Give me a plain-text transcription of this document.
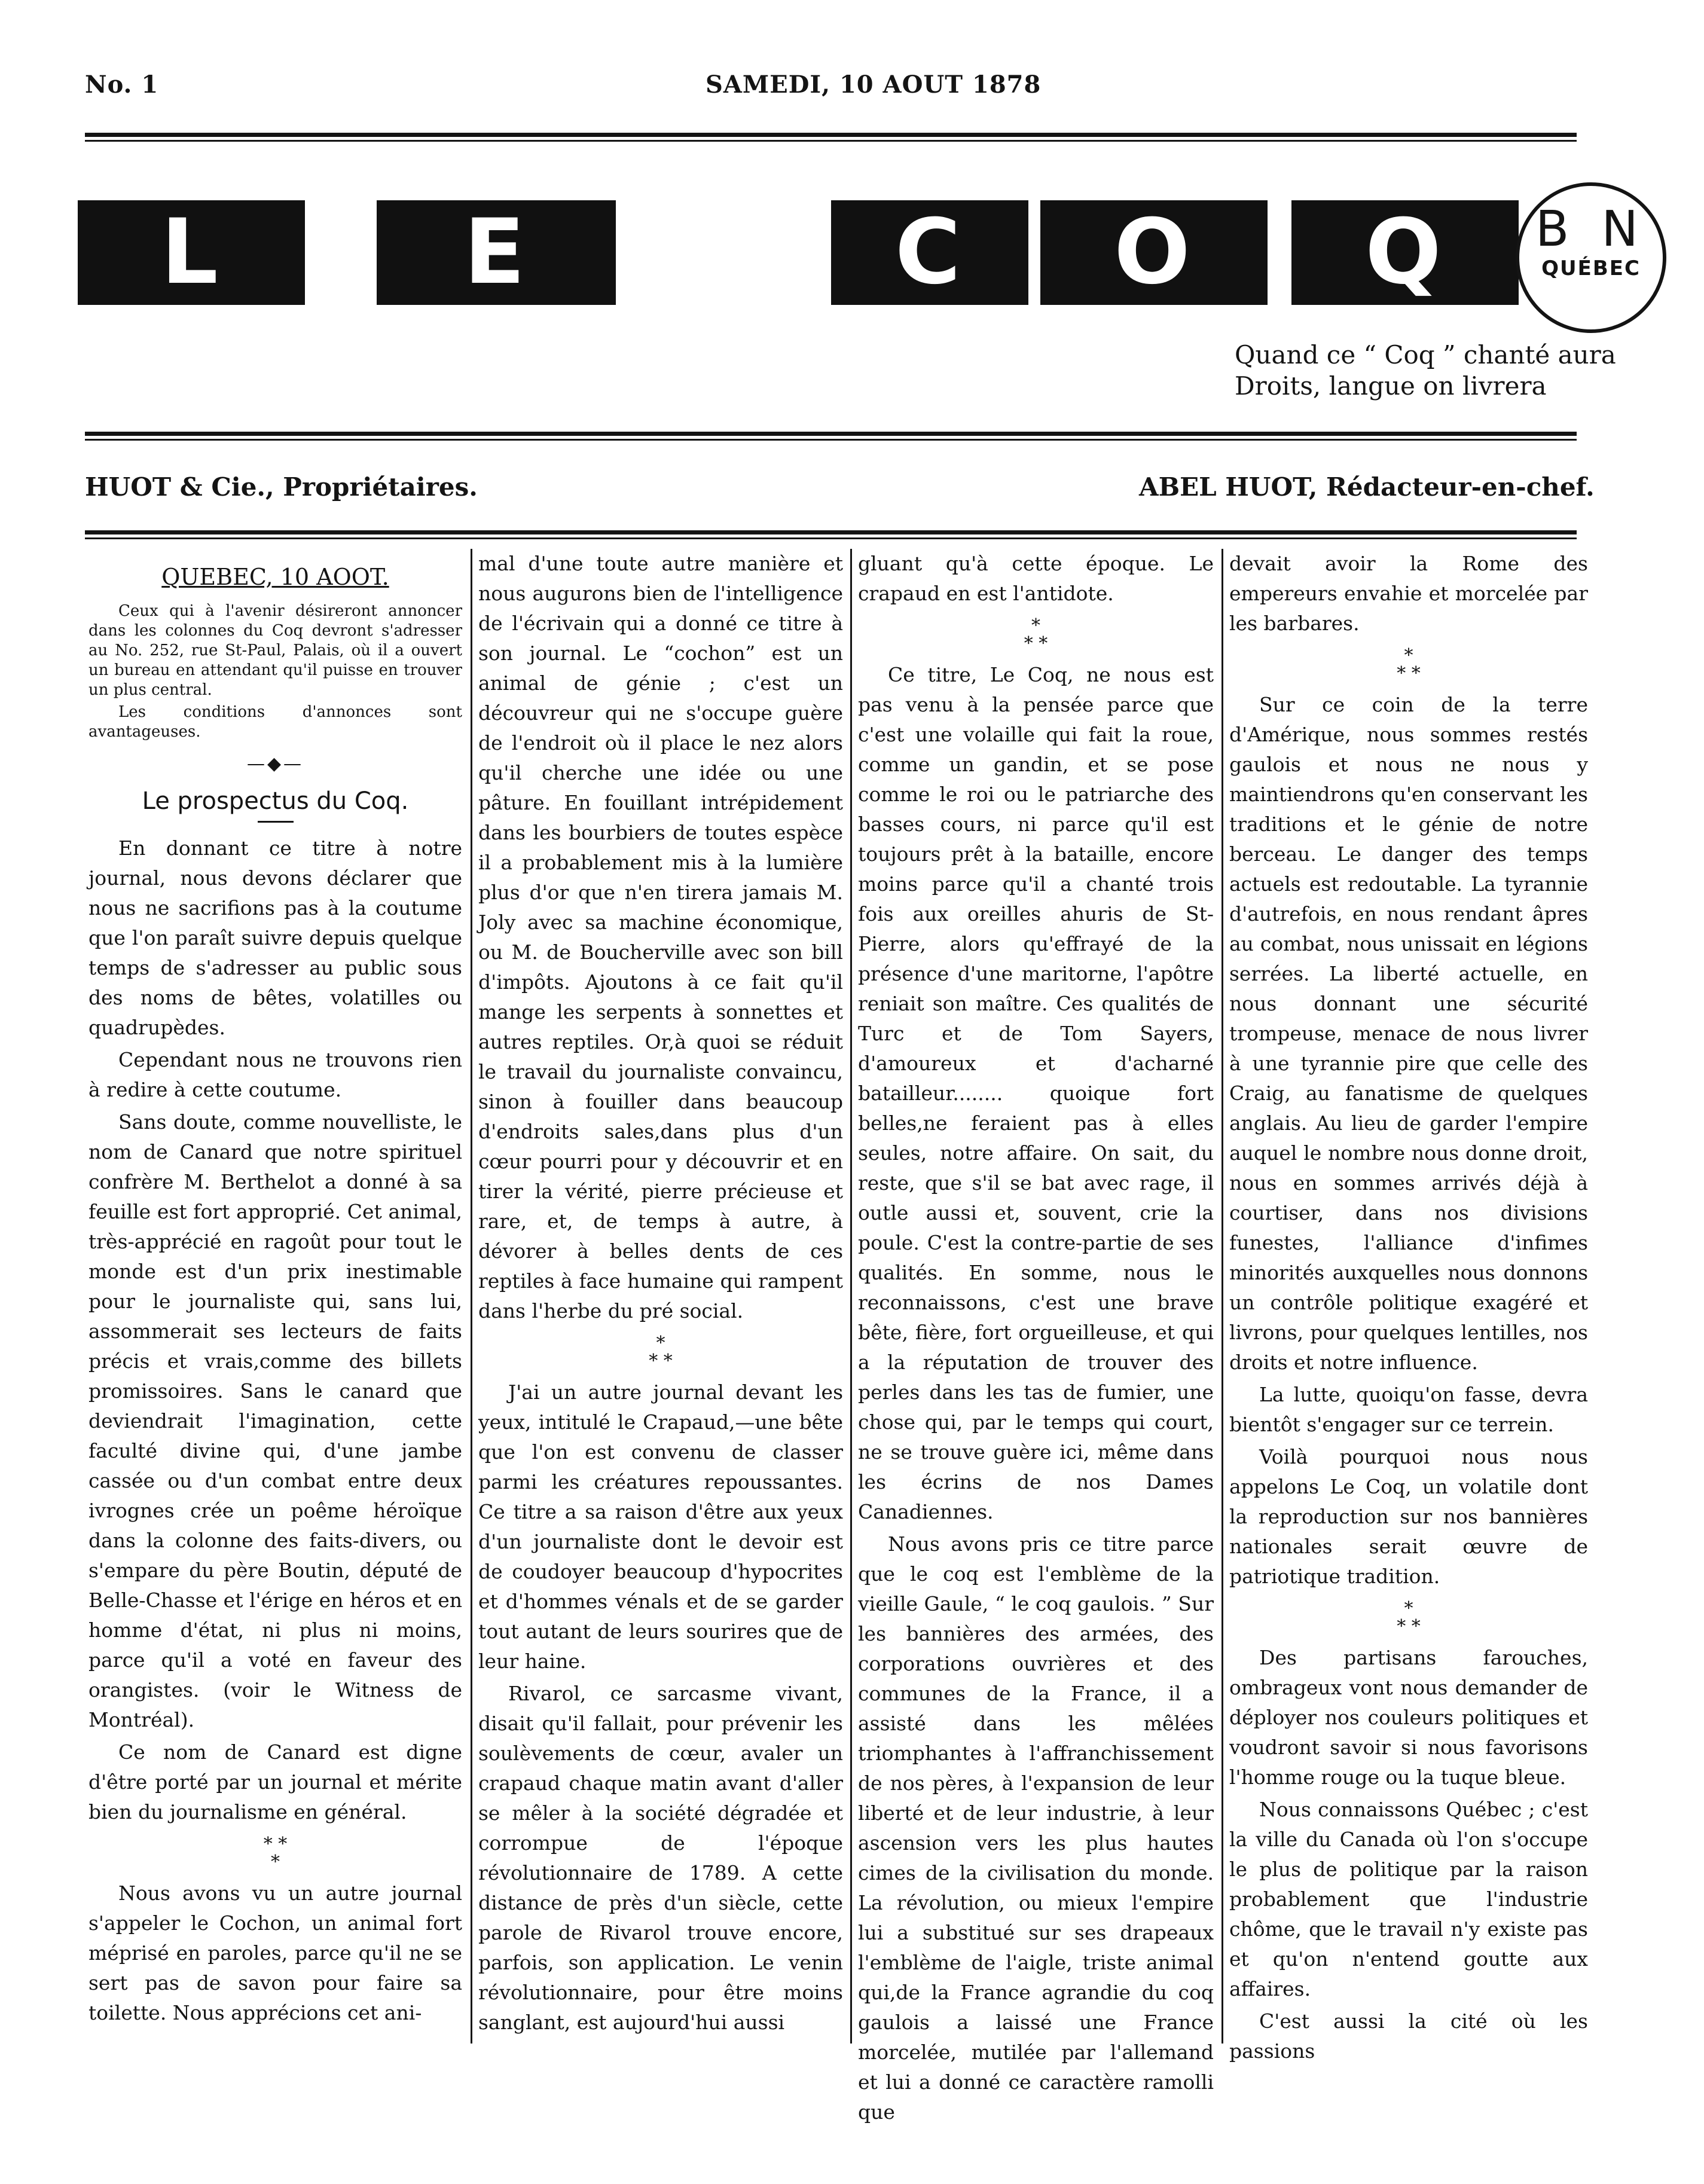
No. 1	SAMEDI, 10 AOUT 1878
L	E	C	O	Q	B N
QUÉBEC
Quand ce “ Coq ” chanté aura
Droits, langue on livrera
HUOT & Cie., Propriétaires.	ABEL HUOT, Rédacteur-en-chef.
QUEBEC, 10 AOOT.

Ceux qui à l'avenir désireront annoncer dans les colonnes du Coq devront s'adresser au No. 252, rue St-Paul, Palais, où il a ouvert un bureau en attendant qu'il puisse en trouver un plus central.

Les conditions d'annonces sont avantageuses.

—◆—
Le prospectus du Coq.

En donnant ce titre à notre journal, nous devons déclarer que nous ne sacrifions pas à la coutume que l'on paraît suivre depuis quelque temps de s'adresser au public sous des noms de bêtes, volatilles ou quadrupèdes.

Cependant nous ne trouvons rien à redire à cette coutume.

Sans doute, comme nouvelliste, le nom de Canard que notre spirituel confrère M. Berthelot a donné à sa feuille est fort approprié. Cet animal, très-apprécié en ragoût pour tout le monde est d'un prix inestimable pour le journaliste qui, sans lui, assommerait ses lecteurs de faits précis et vrais,comme des billets promissoires. Sans le canard que deviendrait l'imagination, cette faculté divine qui, d'une jambe cassée ou d'un combat entre deux ivrognes crée un poême héroïque dans la colonne des faits-divers, ou s'empare du père Boutin, député de Belle-Chasse et l'érige en héros et en homme d'état, ni plus ni moins, parce qu'il a voté en faveur des orangistes. (voir le Witness de Montréal).

Ce nom de Canard est digne d'être porté par un journal et mérite bien du journalisme en général.

* *
*

Nous avons vu un autre journal s'appeler le Cochon, un animal fort méprisé en paroles, parce qu'il ne se sert pas de savon pour faire sa toilette. Nous apprécions cet ani-

mal d'une toute autre manière et nous augurons bien de l'intelligence de l'écrivain qui a donné ce titre à son journal. Le “cochon” est un animal de génie ; c'est un découvreur qui ne s'occupe guère de l'endroit où il place le nez alors qu'il cherche une idée ou une pâture. En fouillant intrépidement dans les bourbiers de toutes espèce il a probablement mis à la lumière plus d'or que n'en tirera jamais M. Joly avec sa machine économique, ou M. de Boucherville avec son bill d'impôts. Ajoutons à ce fait qu'il mange les serpents à sonnettes et autres reptiles. Or,à quoi se réduit le travail du journaliste convaincu, sinon à fouiller dans beaucoup d'endroits sales,dans plus d'un cœur pourri pour y découvrir et en tirer la vérité, pierre précieuse et rare, et, de temps à autre, à dévorer à belles dents de ces reptiles à face humaine qui rampent dans l'herbe du pré social.

*
* *

J'ai un autre journal devant les yeux, intitulé le Crapaud,—une bête que l'on est convenu de classer parmi les créatures repoussantes. Ce titre a sa raison d'être aux yeux d'un journaliste dont le devoir est de coudoyer beaucoup d'hypocrites et d'hommes vénals et de se garder tout autant de leurs sourires que de leur haine.

Rivarol, ce sarcasme vivant, disait qu'il fallait, pour prévenir les soulèvements de cœur, avaler un crapaud chaque matin avant d'aller se mêler à la société dégradée et corrompue de l'époque révolutionnaire de 1789. A cette distance de près d'un siècle, cette parole de Rivarol trouve encore, parfois, son application. Le venin révolutionnaire, pour être moins sanglant, est aujourd'hui aussi

gluant qu'à cette époque. Le crapaud en est l'antidote.

*
* *

Ce titre, Le Coq, ne nous est pas venu à la pensée parce que c'est une volaille qui fait la roue, comme un gandin, et se pose comme le roi ou le patriarche des basses cours, ni parce qu'il est toujours prêt à la bataille, encore moins parce qu'il a chanté trois fois aux oreilles ahuris de St-Pierre, alors qu'effrayé de la présence d'une maritorne, l'apôtre reniait son maître. Ces qualités de Turc et de Tom Sayers, d'amoureux et d'acharné batailleur........ quoique fort belles,ne feraient pas à elles seules, notre affaire. On sait, du reste, que s'il se bat avec rage, il outle aussi et, souvent, crie la poule. C'est la contre-partie de ses qualités. En somme, nous le reconnaissons, c'est une brave bête, fière, fort orgueilleuse, et qui a la réputation de trouver des perles dans les tas de fumier, une chose qui, par le temps qui court, ne se trouve guère ici, même dans les écrins de nos Dames Canadiennes.

Nous avons pris ce titre parce que le coq est l'emblème de la vieille Gaule, “ le coq gaulois. ” Sur les bannières des armées, des corporations ouvrières et des communes de la France, il a assisté dans les mêlées triomphantes à l'affranchissement de nos pères, à l'expansion de leur liberté et de leur industrie, à leur ascension vers les plus hautes cimes de la civilisation du monde. La révolution, ou mieux l'empire lui a substitué sur ses drapeaux l'emblème de l'aigle, triste animal qui,de la France agrandie du coq gaulois a laissé une France morcelée, mutilée par l'allemand et lui a donné ce caractère ramolli que

devait avoir la Rome des empereurs envahie et morcelée par les barbares.

*
* *

Sur ce coin de la terre d'Amérique, nous sommes restés gaulois et nous ne nous y maintiendrons qu'en conservant les traditions et le génie de notre berceau. Le danger des temps actuels est redoutable. La tyrannie d'autrefois, en nous rendant âpres au combat, nous unissait en légions serrées. La liberté actuelle, en nous donnant une sécurité trompeuse, menace de nous livrer à une tyrannie pire que celle des Craig, au fanatisme de quelques anglais. Au lieu de garder l'empire auquel le nombre nous donne droit, nous en sommes arrivés déjà à courtiser, dans nos divisions funestes, l'alliance d'infimes minorités auxquelles nous donnons un contrôle politique exagéré et livrons, pour quelques lentilles, nos droits et notre influence.

La lutte, quoiqu'on fasse, devra bientôt s'engager sur ce terrein.

Voilà pourquoi nous nous appelons Le Coq, un volatile dont la reproduction sur nos bannières nationales serait œuvre de patriotique tradition.

*
* *

Des partisans farouches, ombrageux vont nous demander de déployer nos couleurs politiques et voudront savoir si nous favorisons l'homme rouge ou la tuque bleue.

Nous connaissons Québec ; c'est la ville du Canada où l'on s'occupe le plus de politique par la raison probablement que l'industrie chôme, que le travail n'y existe pas et qu'on n'entend goutte aux affaires.

C'est aussi la cité où les passions
